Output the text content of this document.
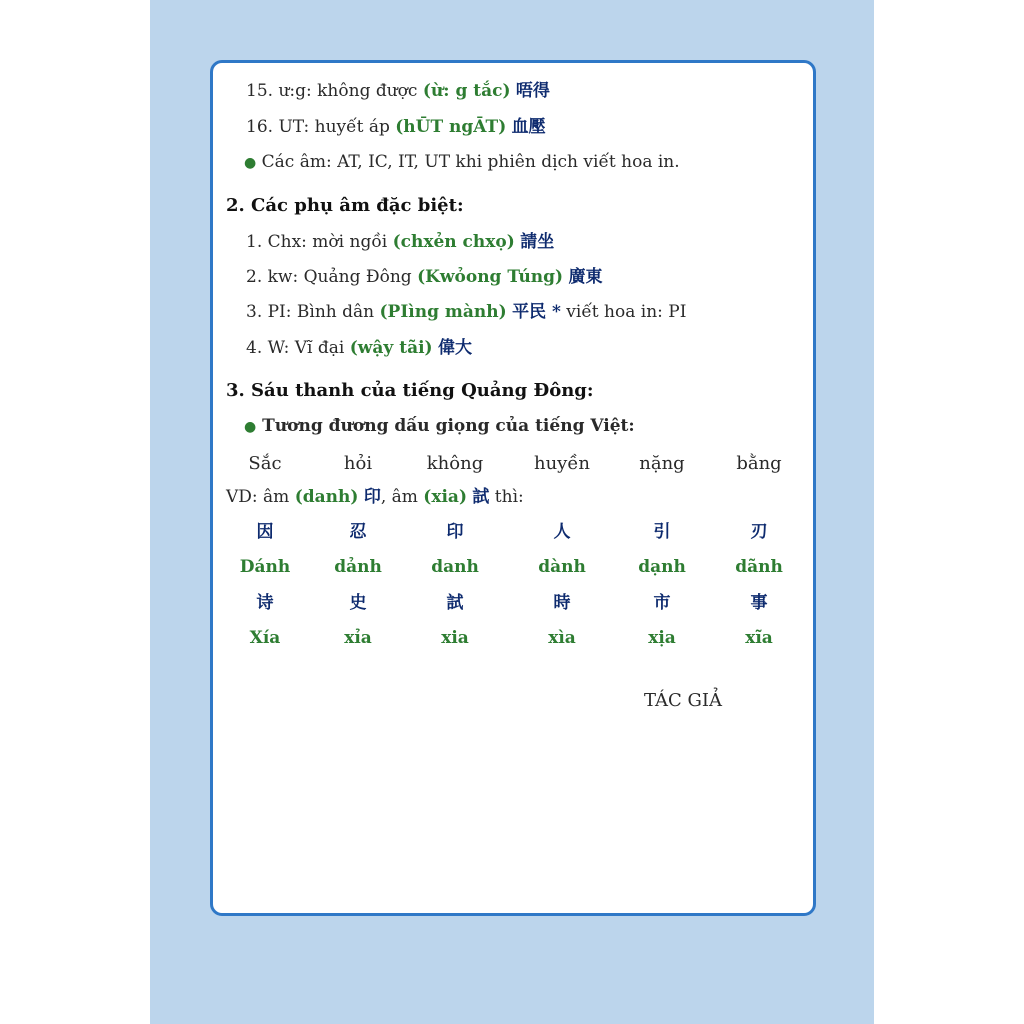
15. ư:g: không được (ừ: g tắc) 唔得
16. UT: huyết áp (hŪT ngĀT) 血壓
● Các âm: AT, IC, IT, UT khi phiên dịch viết hoa in.
2. Các phụ âm đặc biệt:
1. Chx: mời ngồi (chxẻn chxọ) 請坐
2. kw: Quảng Đông (Kwỏong Túng) 廣東
3. PI: Bình dân (PIìng mành) 平民 * viết hoa in: PI
4. W: Vĩ đại (wậy tãi) 偉大
3. Sáu thanh của tiếng Quảng Đông:
● Tương đương dấu giọng của tiếng Việt:
Sắc	hỏi	không	huyền	nặng	bằng
VD: âm (danh) 印, âm (xia) 試 thì:
因	忍	印	人	引	刃
Dánh	dảnh	danh	dành	dạnh	dãnh
诗	史	試	時	市	事
Xía	xỉa	xia	xìa	xịa	xĩa
TÁC GIẢ
